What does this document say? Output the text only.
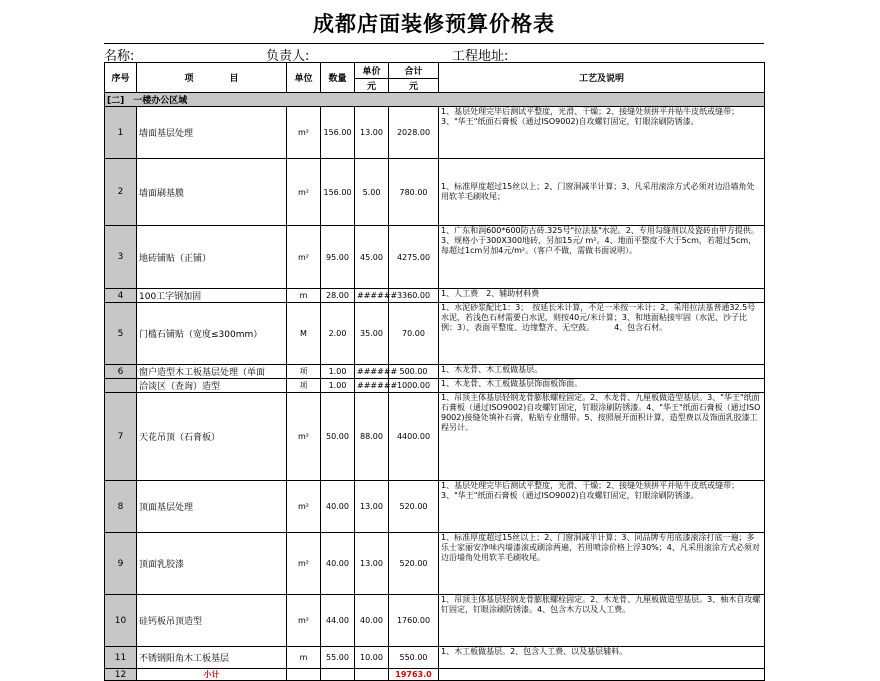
成都店面装修预算价格表
名称:	负责人:	工程地址:
序号	项　　　　目	单位	数量	单价	合计	工艺及说明
				元	元	
[二]　一楼办公区域						
1	墙面基层处理	m²	156.00	13.00	2028.00	1、基层处理完毕后测试平整度，光滑、干燥；2、接缝处须拼平并贴牛皮纸或缝带；3、"华王"纸面石膏板（通过ISO9002)自攻螺钉固定，钉眼涂刷防锈漆。
2	墙面刷基膜	m²	156.00	5.00	780.00	1、标准厚度超过15丝以上；2、门窗洞减半计算；3、凡采用滚涂方式必须对边沿墙角处用软羊毛刷收尾；
3	地砖铺贴（正铺）	m²	95.00	45.00	4275.00	1、广东和润600*600防古砖.325号"拉法基"水泥。2、专用勾缝剂以及瓷砖由甲方提供。3、规格小于300X300地砖，另加15元/ m²。4、地面平整度不大于5cm，若超过5cm，每超过1cm另加4元/m²。（客户不做，需做书面说明）。
4	100工字钢加固	m	28.00	######	3360.00	1、人工费　2、辅助材料费
5	门槛石铺贴（宽度≤300mm）	M	2.00	35.00	70.00	1、水泥砂浆配比1：3；　按延长米计算，不足一米按一米计；2、采用拉法基普通32.5号水泥，若浅色石材需要白水泥，则按40元/米计算；3、和地面粘接牢固（水泥、沙子比例：3）、表面平整度、边缘整齐、无空鼓。　　　4、包含石材。
6	窗户造型木工板基层处理（单面	项	1.00	######	500.00	1、木龙骨、木工板做基层。
	洽谈区（查询）造型	项	1.00	######	1000.00	1、木龙骨、木工板做基层饰面板饰面。
7	天花吊顶（石膏板）	m²	50.00	88.00	4400.00	1、吊顶主体基层轻钢龙骨膨胀螺栓固定。2、木龙骨、九厘板做造型基层。3、"华王"纸面石膏板（通过ISO9002)自攻螺钉固定，钉眼涂刷防锈漆。4、"华王"纸面石膏板（通过ISO9002)接缝处填补石膏，粘贴专业绷带。5、按照展开面积计算，造型费以及饰面乳胶漆工程另计。
8	顶面基层处理	m²	40.00	13.00	520.00	1、基层处理完毕后测试平整度，光滑、干燥；2、接缝处须拼平并贴牛皮纸或缝带；3、"华王"纸面石膏板（通过ISO9002)自攻螺钉固定，钉眼涂刷防锈漆。
9	顶面乳胶漆	m²	40.00	13.00	520.00	1、标准厚度超过15丝以上；2、门窗洞减半计算；3、同品牌专用底漆滚涂打底一遍；多乐士家丽安净味内墙漆滚或刷涂两遍，若用喷涂价格上浮30%；4、凡采用滚涂方式必须对边沿墙角处用软羊毛刷收尾。
10	硅钙板吊顶造型	m²	44.00	40.00	1760.00	1、吊顶主体基层轻钢龙骨膨胀螺栓固定。2、木龙骨、九厘板做造型基层。3、柚木自攻螺钉固定，钉眼涂刷防锈漆。4、包含木方以及人工费。
11	不锈钢阳角木工板基层	m	55.00	10.00	550.00	1、木工板做基层。2、包含人工费、以及基层辅料。
12	小计				19763.0	
